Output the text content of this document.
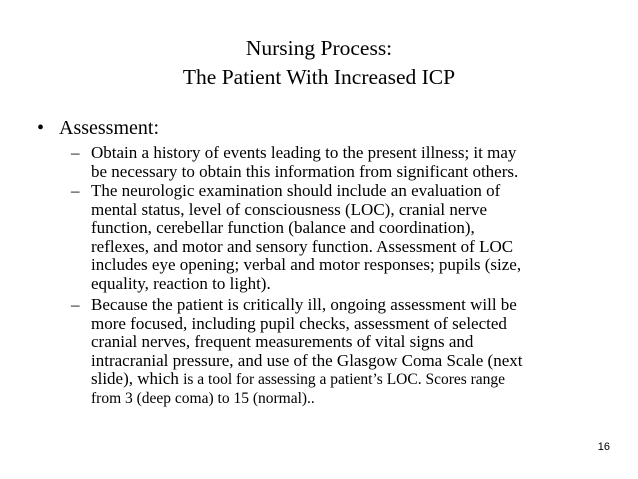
Nursing Process:
The Patient With Increased ICP
• Assessment:
– Obtain a history of events leading to the present illness; it may
be necessary to obtain this information from significant others.
– The neurologic examination should include an evaluation of
mental status, level of consciousness (LOC), cranial nerve
function, cerebellar function (balance and coordination),
reflexes, and motor and sensory function. Assessment of LOC
includes eye opening; verbal and motor responses; pupils (size,
equality, reaction to light).
– Because the patient is critically ill, ongoing assessment will be
more focused, including pupil checks, assessment of selected
cranial nerves, frequent measurements of vital signs and
intracranial pressure, and use of the Glasgow Coma Scale (next
slide), which is a tool for assessing a patient’s LOC. Scores range
from 3 (deep coma) to 15 (normal)..
16
